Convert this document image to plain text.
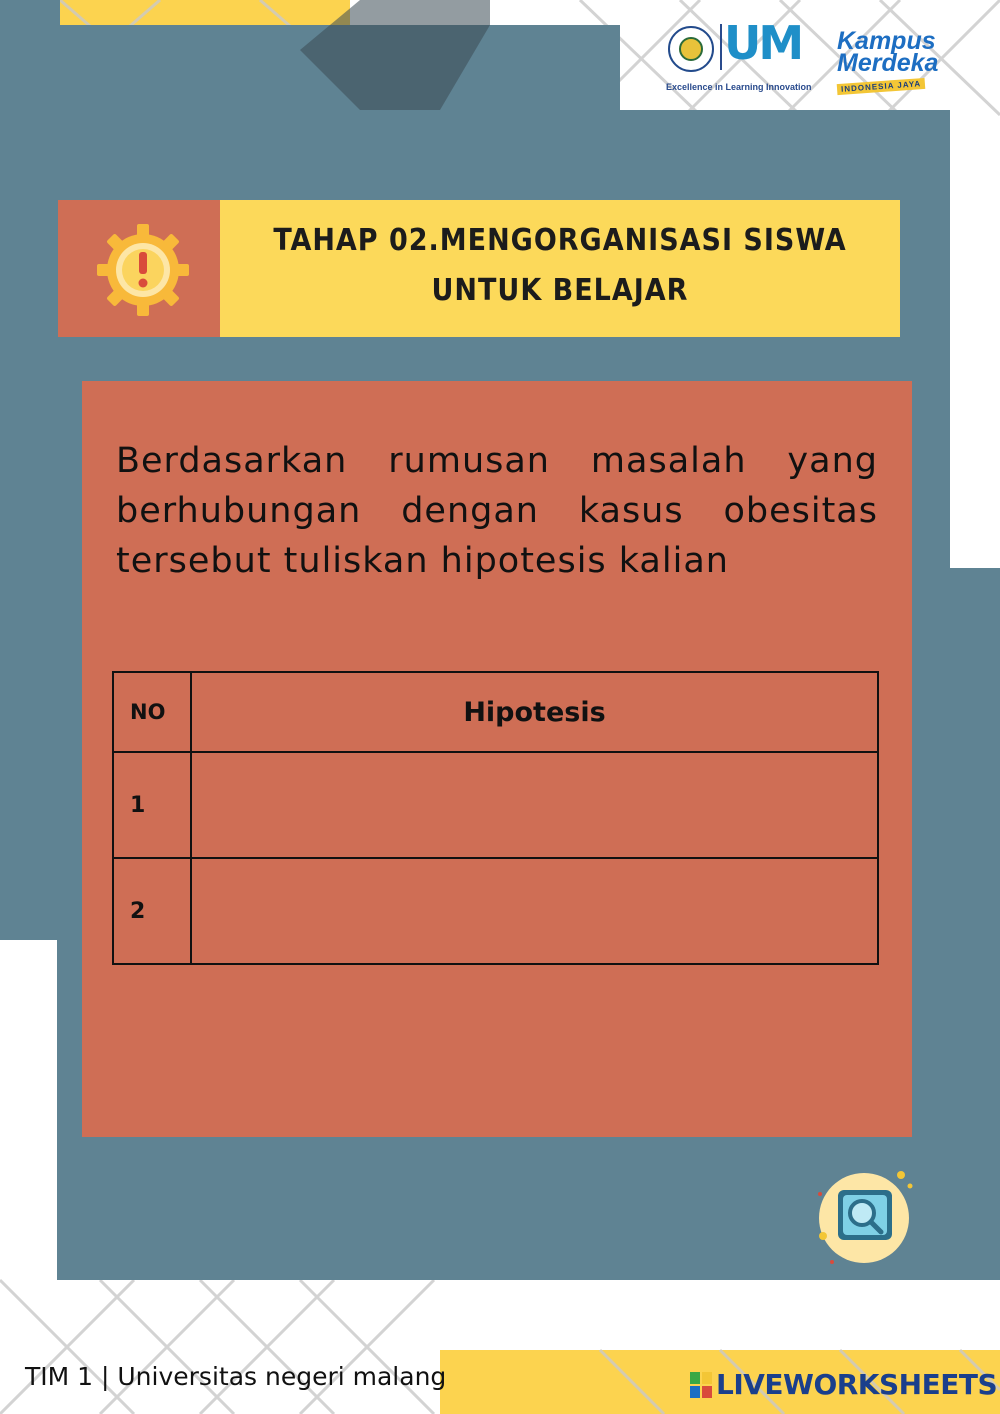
UM
Excellence in Learning Innovation
Kampus
Merdeka
INDONESIA JAYA
TAHAP 02.MENGORGANISASI SISWA UNTUK BELAJAR
Berdasarkan rumusan masalah yang berhubungan dengan kasus obesitas tersebut tuliskan hipotesis kalian
NO	Hipotesis
1	
2	
TIM 1 | Universitas negeri malang	LIVEWORKSHEETS
